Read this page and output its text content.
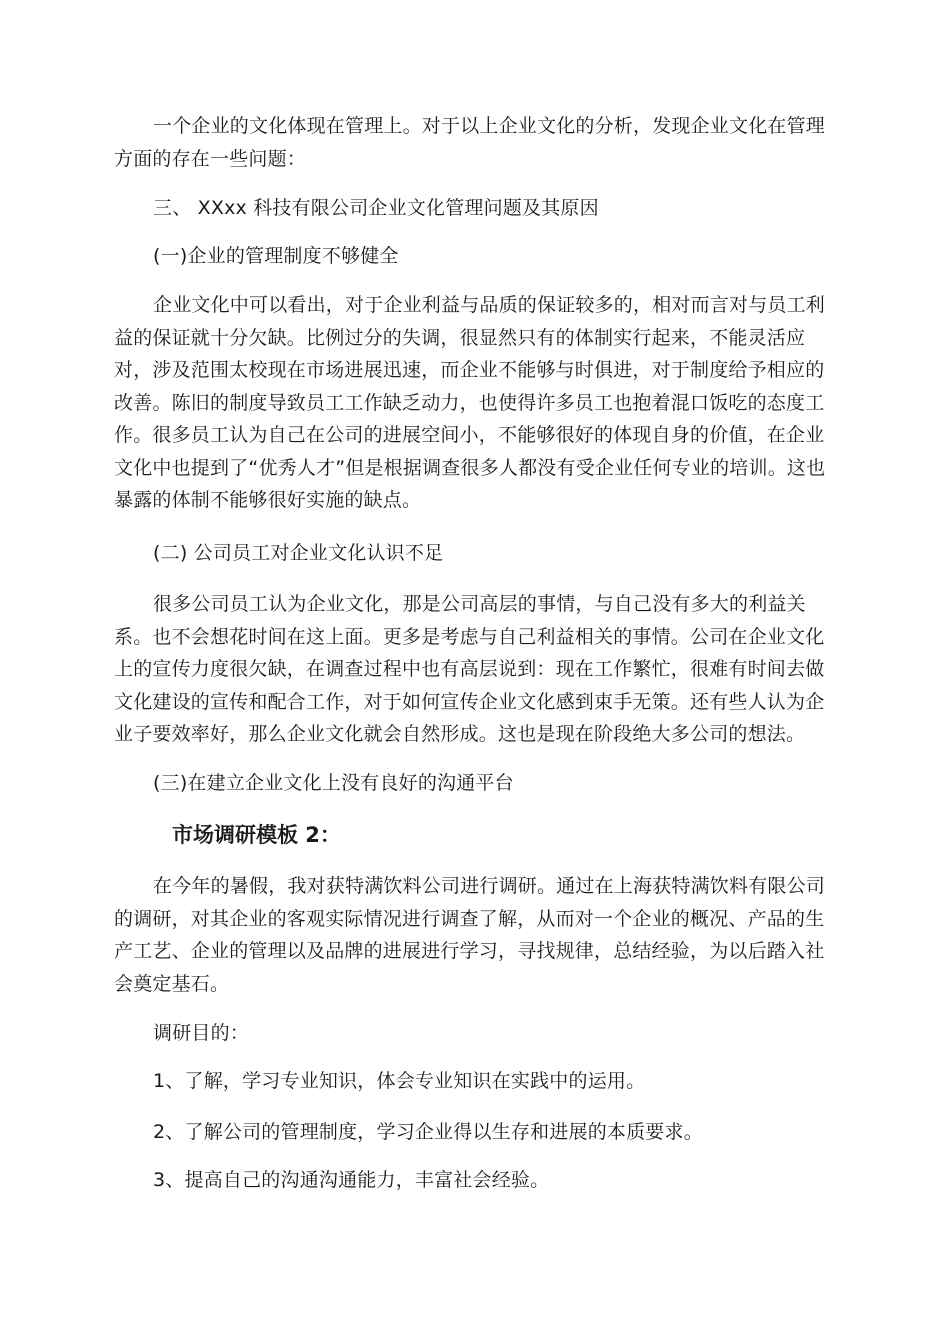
一个企业的文化体现在管理上。对于以上企业文化的分析，发现企业文化在管理方面的存在一些问题：

三、 XXxx 科技有限公司企业文化管理问题及其原因

(一)企业的管理制度不够健全

企业文化中可以看出，对于企业利益与品质的保证较多的，相对而言对与员工利益的保证就十分欠缺。比例过分的失调，很显然只有的体制实行起来，不能灵活应对，涉及范围太校现在市场进展迅速，而企业不能够与时俱进，对于制度给予相应的改善。陈旧的制度导致员工工作缺乏动力，也使得许多员工也抱着混口饭吃的态度工作。很多员工认为自己在公司的进展空间小，不能够很好的体现自身的价值，在企业文化中也提到了“优秀人才”但是根据调查很多人都没有受企业任何专业的培训。这也暴露的体制不能够很好实施的缺点。

(二) 公司员工对企业文化认识不足

很多公司员工认为企业文化，那是公司高层的事情，与自己没有多大的利益关系。也不会想花时间在这上面。更多是考虑与自己利益相关的事情。公司在企业文化上的宣传力度很欠缺，在调查过程中也有高层说到：现在工作繁忙，很难有时间去做文化建设的宣传和配合工作，对于如何宣传企业文化感到束手无策。还有些人认为企业子要效率好，那么企业文化就会自然形成。这也是现在阶段绝大多公司的想法。

(三)在建立企业文化上没有良好的沟通平台

市场调研模板 2：

在今年的暑假，我对获特满饮料公司进行调研。通过在上海获特满饮料有限公司的调研，对其企业的客观实际情况进行调查了解，从而对一个企业的概况、产品的生产工艺、企业的管理以及品牌的进展进行学习，寻找规律，总结经验，为以后踏入社会奠定基石。

调研目的：

1、了解，学习专业知识，体会专业知识在实践中的运用。

2、了解公司的管理制度，学习企业得以生存和进展的本质要求。

3、提高自己的沟通沟通能力，丰富社会经验。
